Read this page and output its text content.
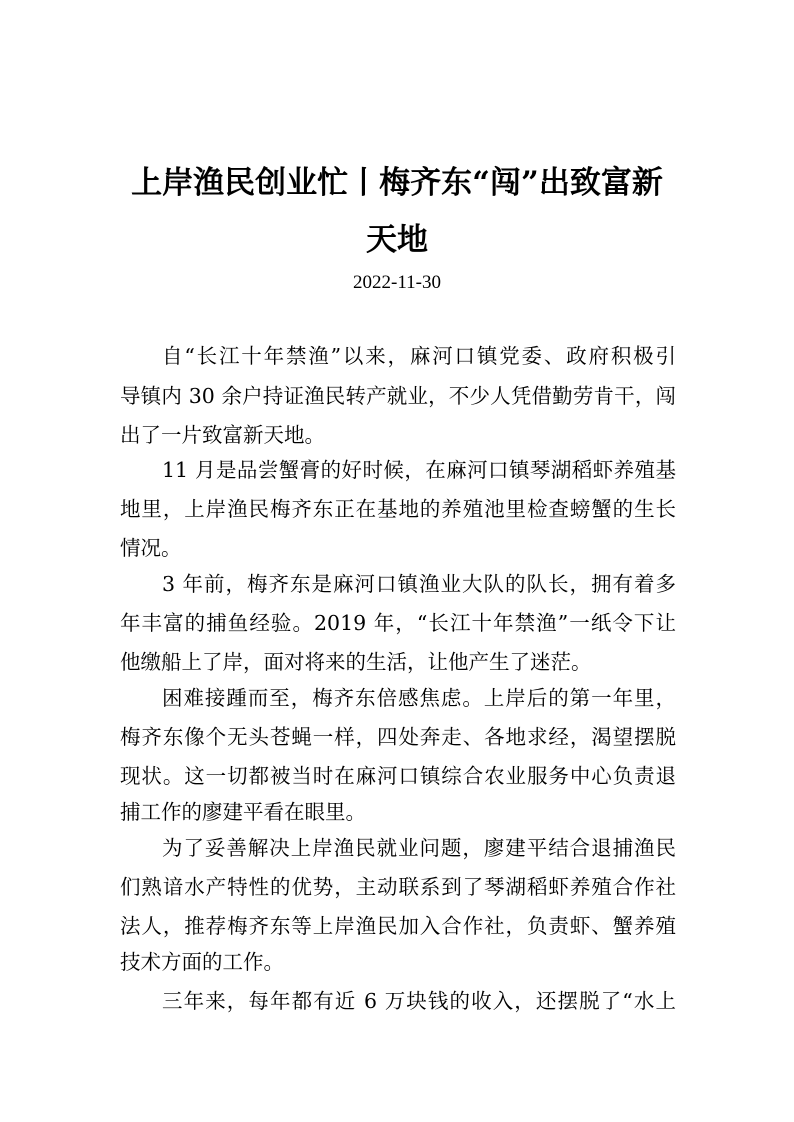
上岸渔民创业忙丨梅齐东“闯”出致富新
天地
2022-11-30
自“长江十年禁渔”以来，麻河口镇党委、政府积极引
导镇内 30 余户持证渔民转产就业，不少人凭借勤劳肯干，闯
出了一片致富新天地。
11 月是品尝蟹膏的好时候，在麻河口镇琴湖稻虾养殖基
地里，上岸渔民梅齐东正在基地的养殖池里检查螃蟹的生长
情况。
3 年前，梅齐东是麻河口镇渔业大队的队长，拥有着多
年丰富的捕鱼经验。2019 年，“长江十年禁渔”一纸令下让
他缴船上了岸，面对将来的生活，让他产生了迷茫。
困难接踵而至，梅齐东倍感焦虑。上岸后的第一年里，
梅齐东像个无头苍蝇一样，四处奔走、各地求经，渴望摆脱
现状。这一切都被当时在麻河口镇综合农业服务中心负责退
捕工作的廖建平看在眼里。
为了妥善解决上岸渔民就业问题，廖建平结合退捕渔民
们熟谙水产特性的优势，主动联系到了琴湖稻虾养殖合作社
法人，推荐梅齐东等上岸渔民加入合作社，负责虾、蟹养殖
技术方面的工作。
三年来，每年都有近 6 万块钱的收入，还摆脱了“水上
